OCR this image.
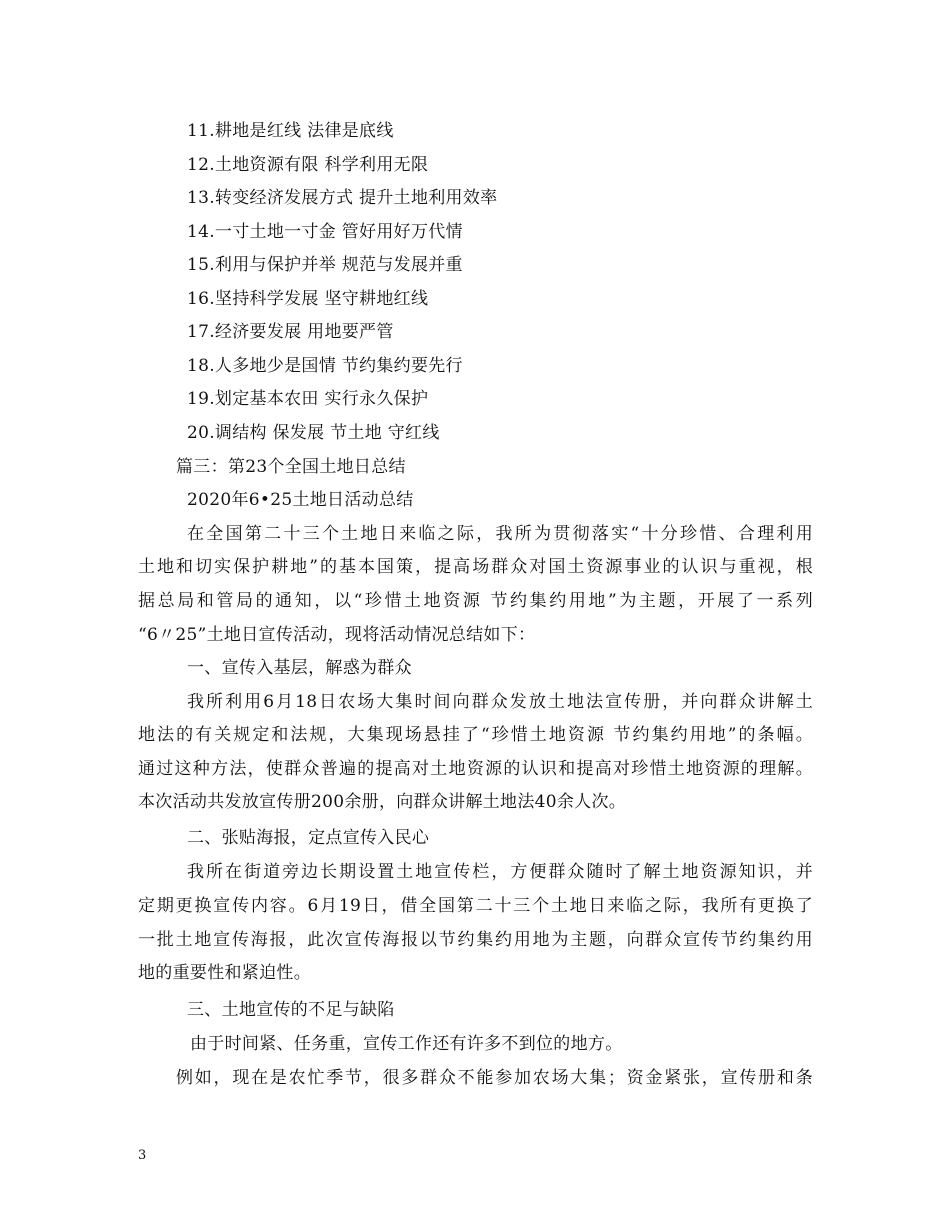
11.耕地是红线 法律是底线
12.土地资源有限 科学利用无限
13.转变经济发展方式 提升土地利用效率
14.一寸土地一寸金 管好用好万代情
15.利用与保护并举 规范与发展并重
16.坚持科学发展 坚守耕地红线
17.经济要发展 用地要严管
18.人多地少是国情 节约集约要先行
19.划定基本农田 实行永久保护
20.调结构 保发展 节土地 守红线
篇三：第23个全国土地日总结
2020年6•25土地日活动总结
在全国第二十三个土地日来临之际，我所为贯彻落实“十分珍惜、合理利用
土地和切实保护耕地”的基本国策，提高场群众对国土资源事业的认识与重视，根
据总局和管局的通知，以“珍惜土地资源 节约集约用地”为主题，开展了一系列
“6〃25”土地日宣传活动，现将活动情况总结如下：
一、宣传入基层，解惑为群众
我所利用6月18日农场大集时间向群众发放土地法宣传册，并向群众讲解土
地法的有关规定和法规，大集现场悬挂了“珍惜土地资源 节约集约用地”的条幅。
通过这种方法，使群众普遍的提高对土地资源的认识和提高对珍惜土地资源的理解。
本次活动共发放宣传册200余册，向群众讲解土地法40余人次。
二、张贴海报，定点宣传入民心
我所在街道旁边长期设置土地宣传栏，方便群众随时了解土地资源知识，并
定期更换宣传内容。6月19日，借全国第二十三个土地日来临之际，我所有更换了
一批土地宣传海报，此次宣传海报以节约集约用地为主题，向群众宣传节约集约用
地的重要性和紧迫性。
三、土地宣传的不足与缺陷
由于时间紧、任务重，宣传工作还有许多不到位的地方。
例如，现在是农忙季节，很多群众不能参加农场大集；资金紧张，宣传册和条
3
